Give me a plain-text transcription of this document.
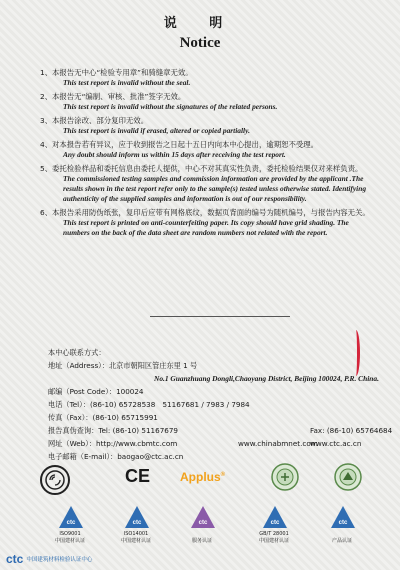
说 明
Notice
1、本报告无中心“检验专用章”和骑缝章无效。
This test report is invalid without the seal.
2、本报告无“编制、审核、批准”签字无效。
This test report is invalid without the signatures of the related persons.
3、本报告涂改、部分复印无效。
This test report is invalid if erased, altered or copied partially.
4、对本报告若有异议，应于收到报告之日起十五日内向本中心提出，逾期恕不受理。
Any doubt should inform us within 15 days after receiving the test report.
5、委托检验样品和委托信息由委托人提供，中心不对其真实性负责，委托检验结果仅对来样负责。
The commissioned testing samples and commission information are provided by the applicant .The results shown in the test report refer only to the sample(s) tested unless otherwise stated. Identifying authenticity of the supplied samples and information is out of our responsibility.
6、本报告采用防伪纸张，复印后应带有网格底纹，数据页背面的编号为随机编号，与报告内容无关。
This test report is printed on anti-counterfeiting paper. Its copy should have grid shading. The numbers on the back of the data sheet are random numbers not related with the report.
本中心联系方式：
地址（Address）：北京市朝阳区管庄东里 1 号
No.1 Guanzhuang Dongli,Chaoyang District, Beijing 100024, P.R. China.
邮编（Post Code）：100024
电话（Tel）：(86-10) 65728538　51167681 / 7983 / 7984
传真（Fax）：(86-10) 65715991
报告真伪查询：Tel: (86-10) 51167679	Fax: (86-10) 65764684
网址（Web）：http://www.cbmtc.com	www.chinabmnet.com
www.ctc.ac.cn
电子邮箱（E-mail）：baogao@ctc.ac.cn
CE Applus®
ctc
ISO9001
中国建材认证
ctc
ISO14001
中国建材认证
ctc
服务认证
ctc
GB/T 28001
中国建材认证
ctc
产品认证
ctc 中国建筑材料检验认证中心
